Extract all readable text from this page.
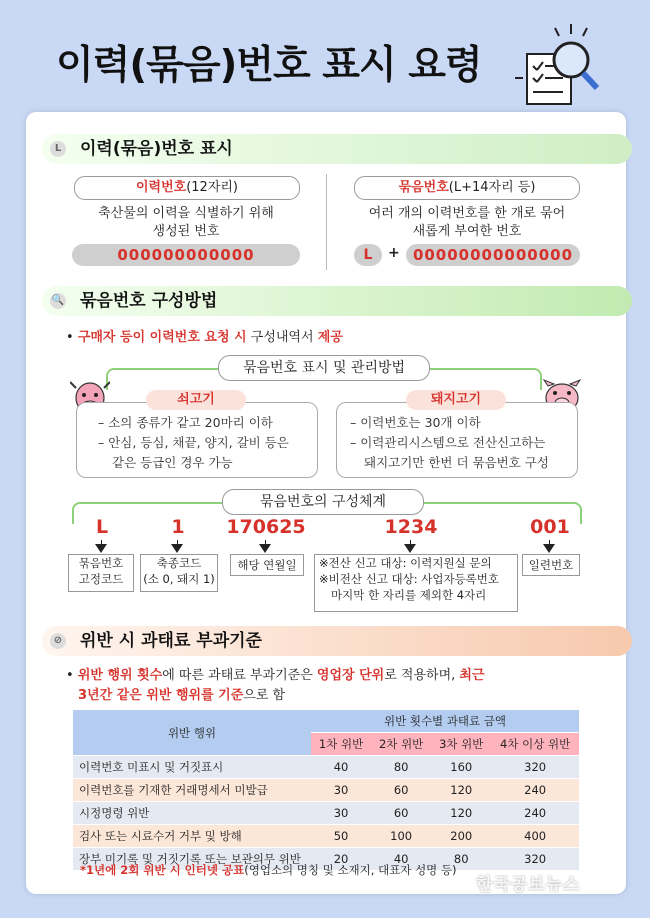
이력(묶음)번호 표시 요령
L 이력(묶음)번호 표시
이력번호(12자리)
축산물의 이력을 식별하기 위해
생성된 번호
000000000000
묶음번호(L+14자리 등)
여러 개의 이력번호를 한 개로 묶어
새롭게 부여한 번호
L	+ 00000000000000
🔍 묶음번호 구성방법
• 구매자 등이 이력번호 요청 시 구성내역서 제공
묶음번호 표시 및 관리방법
쇠고기
– 소의 종류가 같고 20마리 이하
– 안심, 등심, 채끝, 양지, 갈비 등은
같은 등급인 경우 가능
돼지고기
– 이력번호는 30개 이하
– 이력관리시스템으로 전산신고하는
돼지고기만 한번 더 묶음번호 구성
묶음번호의 구성체계
L
묶음번호
고정코드
1
축종코드
(소 0, 돼지 1)
170625
해당 연월일
1234
※전산 신고 대상: 이력지원실 문의
※비전산 신고 대상: 사업자등록번호
마지막 한 자리를 제외한 4자리
001
일련번호
⊘ 위반 시 과태료 부과기준
• 위반 행위 횟수에 따른 과태료 부과기준은 영업장 단위로 적용하며, 최근
3년간 같은 위반 행위를 기준으로 함
위반 행위	위반 횟수별 과태료 금액			
	1차 위반	2차 위반	3차 위반	4차 이상 위반
이력번호 미표시 및 거짓표시	40	80	160	320
이력번호를 기재한 거래명세서 미발급	30	60	120	240
시정명령 위반	30	60	120	240
검사 또는 시료수거 거부 및 방해	50	100	200	400
장부 미기록 및 거짓기록 또는 보관의무 위반	20	40	80	320
*1년에 2회 위반 시 인터넷 공표(영업소의 명칭 및 소재지, 대표자 성명 등)
한국공보뉴스
